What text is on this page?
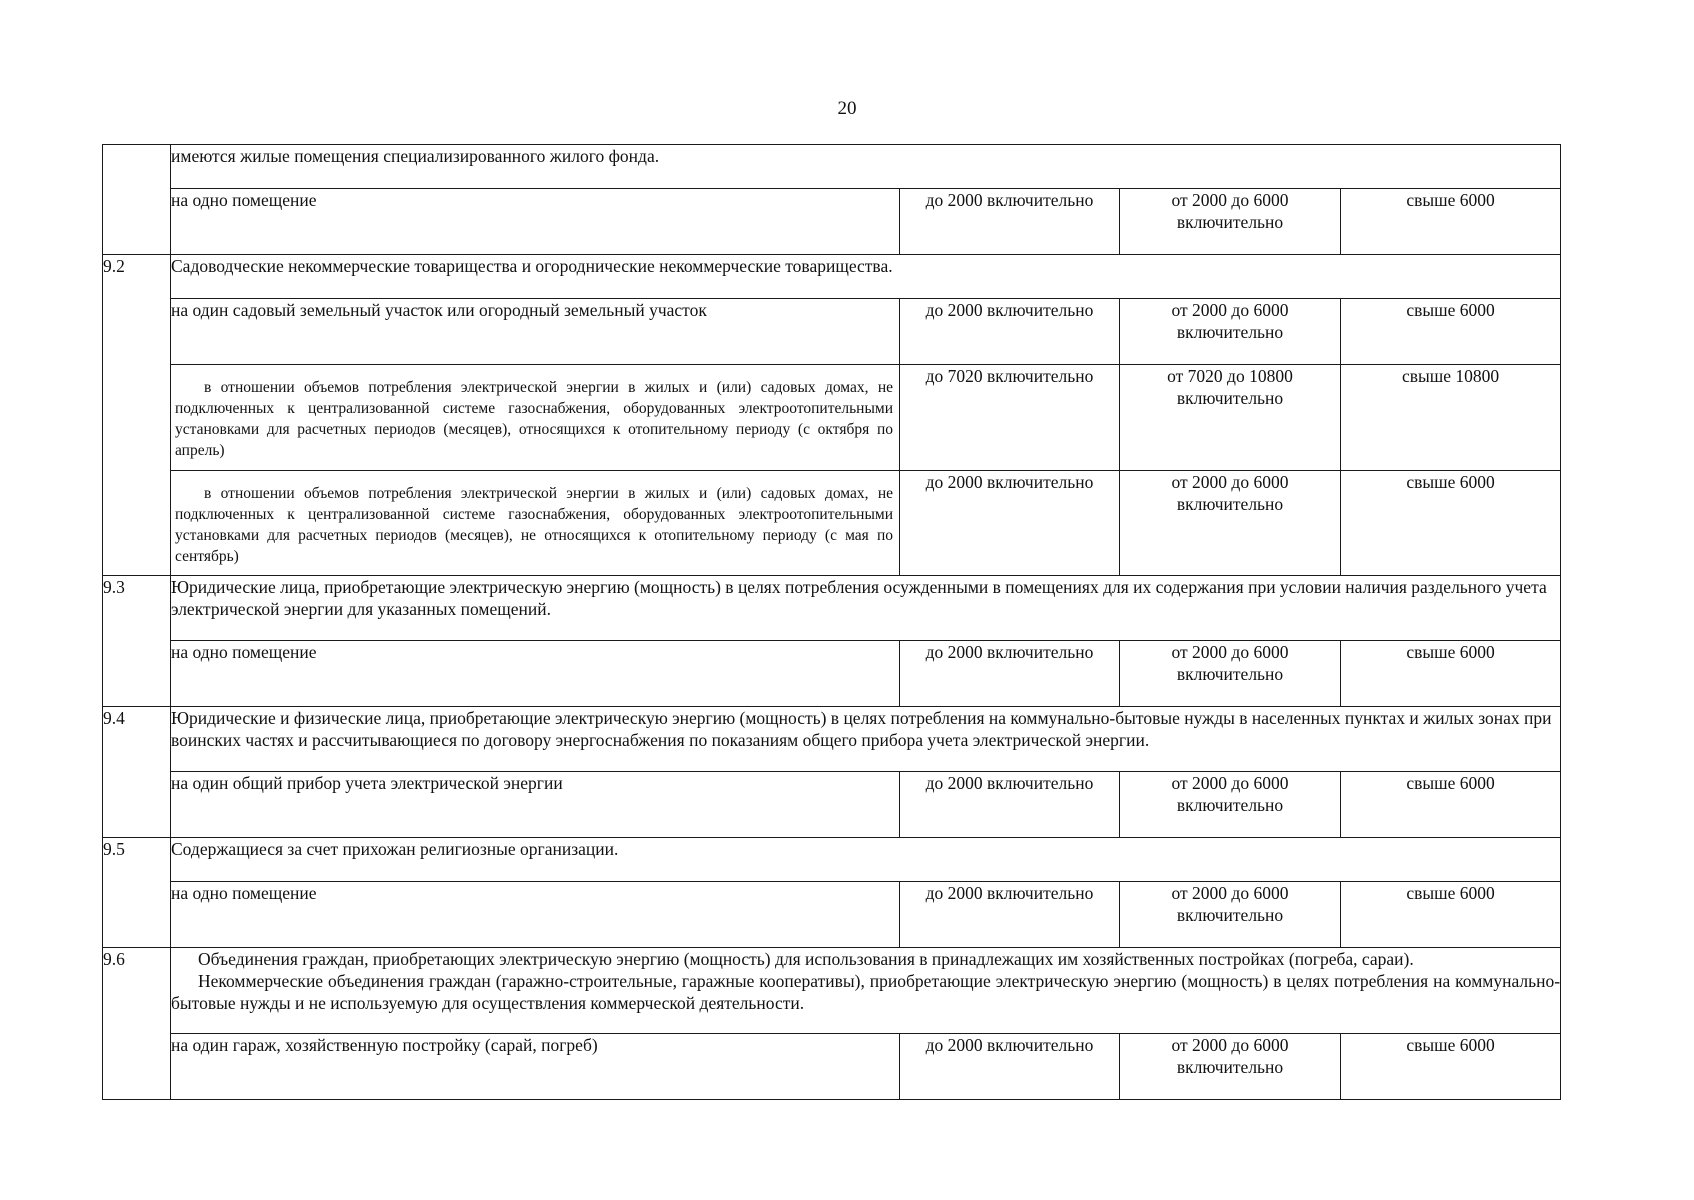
20
	имеются жилые помещения специализированного жилого фонда.			
	на одно помещение	до 2000 включительно	от 2000 до 6000 включительно	свыше 6000
9.2	Садоводческие некоммерческие товарищества и огороднические некоммерческие товарищества.			
	на один садовый земельный участок или огородный земельный участок	до 2000 включительно	от 2000 до 6000 включительно	свыше 6000

	в отношении объемов потребления электрической энергии в жилых и (или) садовых домах, не подключенных к централизованной системе газоснабжения, оборудованных электроотопительными установками для расчетных периодов (месяцев), относящихся к отопительному периоду (с октября по апрель)	до 7020 включительно	от 7020 до 10800 включительно	свыше 10800

	в отношении объемов потребления электрической энергии в жилых и (или) садовых домах, не подключенных к централизованной системе газоснабжения, оборудованных электроотопительными установками для расчетных периодов (месяцев), не относящихся к отопительному периоду (с мая по сентябрь)	до 2000 включительно	от 2000 до 6000 включительно	свыше 6000
9.3	Юридические лица, приобретающие электрическую энергию (мощность) в целях потребления осужденными в помещениях для их содержания при условии наличия раздельного учета электрической энергии для указанных помещений.			
	на одно помещение	до 2000 включительно	от 2000 до 6000 включительно	свыше 6000
9.4	Юридические и физические лица, приобретающие электрическую энергию (мощность) в целях потребления на коммунально-бытовые нужды в населенных пунктах и жилых зонах при воинских частях и рассчитывающиеся по договору энергоснабжения по показаниям общего прибора учета электрической энергии.			
	на один общий прибор учета электрической энергии	до 2000 включительно	от 2000 до 6000 включительно	свыше 6000
9.5	Содержащиеся за счет прихожан религиозные организации.			
	на одно помещение	до 2000 включительно	от 2000 до 6000 включительно	свыше 6000
9.6	Объединения граждан, приобретающих электрическую энергию (мощность) для использования в принадлежащих им хозяйственных постройках (погреба, сараи).
Некоммерческие объединения граждан (гаражно-строительные, гаражные кооперативы), приобретающие электрическую энергию (мощность) в целях потребления на коммунально-бытовые нужды и не используемую для осуществления коммерческой деятельности.			

	на один гараж, хозяйственную постройку (сарай, погреб)	до 2000 включительно	от 2000 до 6000 включительно	свыше 6000
